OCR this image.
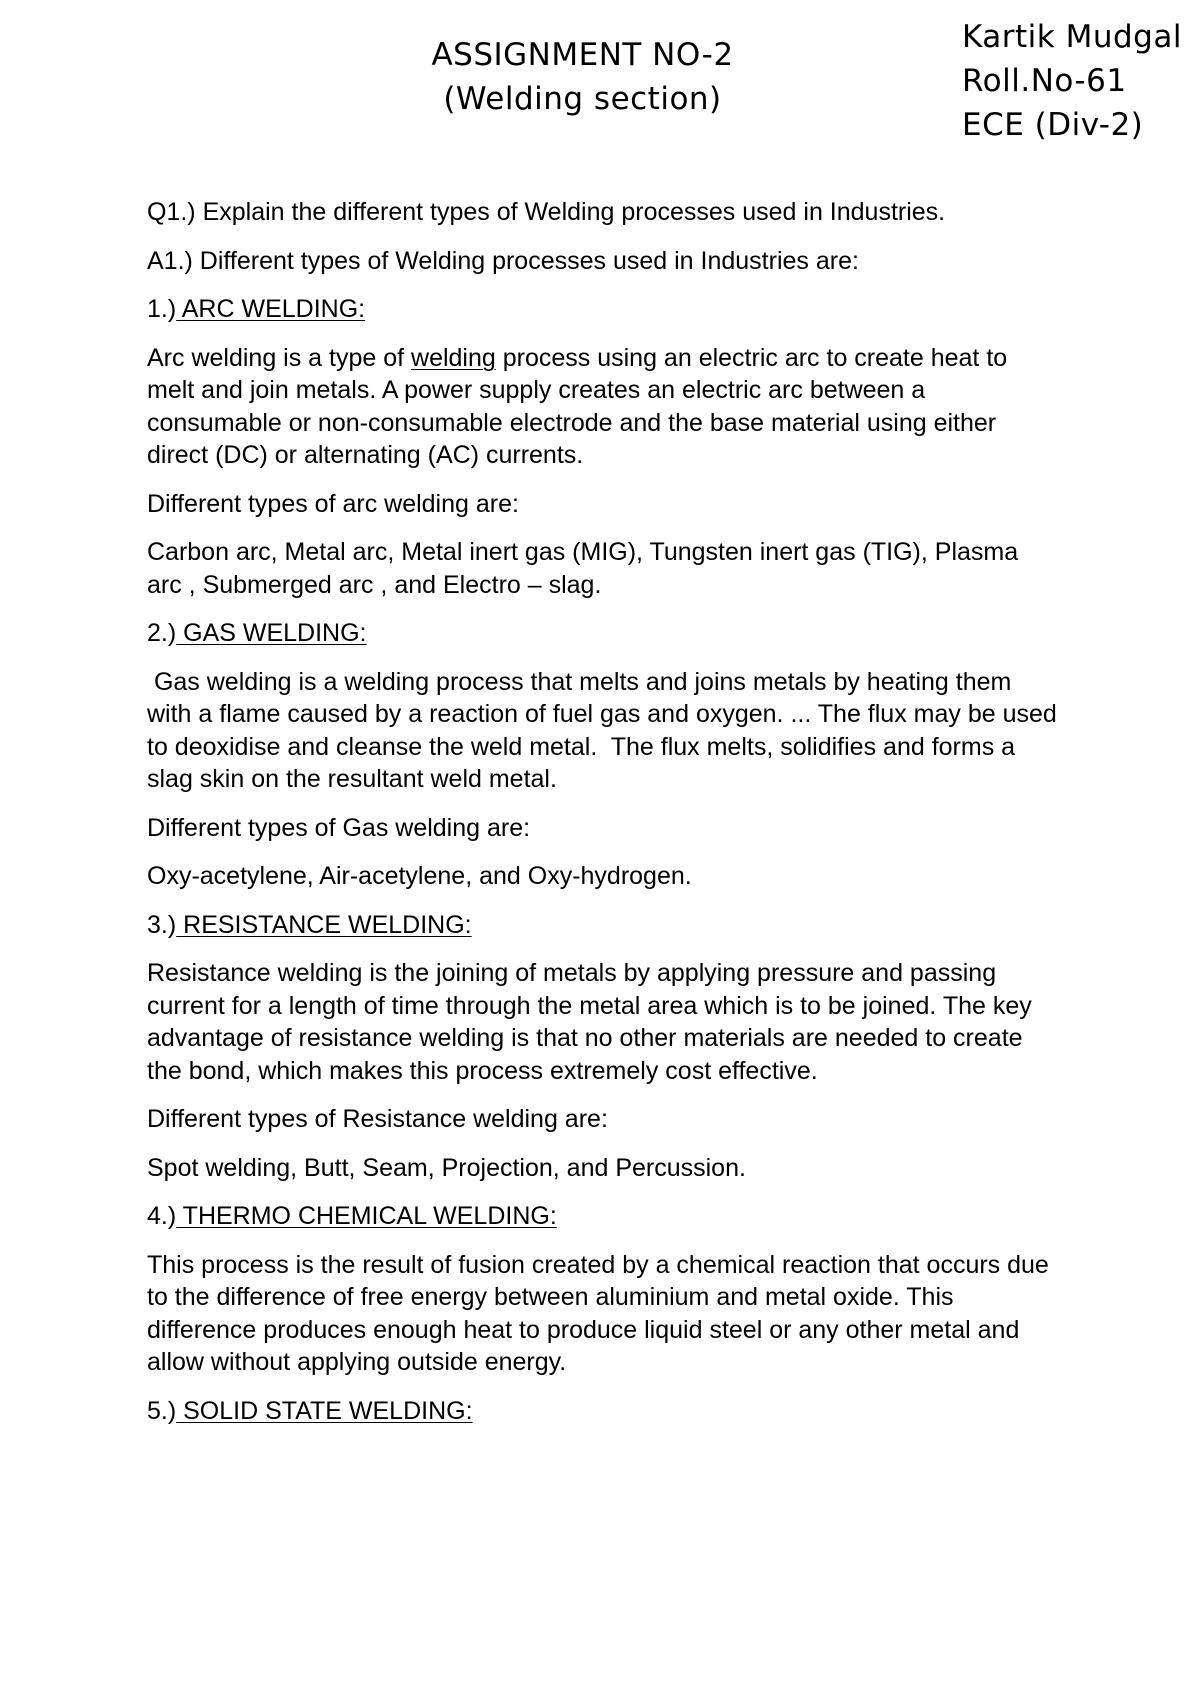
ASSIGNMENT NO-2
(Welding section)
Kartik Mudgal
Roll.No-61
ECE (Div-2)

Q1.) Explain the different types of Welding processes used in Industries.

A1.) Different types of Welding processes used in Industries are:

1.) ARC WELDING:

Arc welding is a type of welding process using an electric arc to create heat to melt and join metals. A power supply creates an electric arc between a consumable or non-consumable electrode and the base material using either direct (DC) or alternating (AC) currents.

Different types of arc welding are:

Carbon arc, Metal arc, Metal inert gas (MIG), Tungsten inert gas (TIG), Plasma arc , Submerged arc , and Electro – slag.

2.) GAS WELDING:

Gas welding is a welding process that melts and joins metals by heating them with a flame caused by a reaction of fuel gas and oxygen. ... The flux may be used to deoxidise and cleanse the weld metal.  The flux melts, solidifies and forms a slag skin on the resultant weld metal.

Different types of Gas welding are:

Oxy-acetylene, Air-acetylene, and Oxy-hydrogen.

3.) RESISTANCE WELDING:

Resistance welding is the joining of metals by applying pressure and passing current for a length of time through the metal area which is to be joined. The key advantage of resistance welding is that no other materials are needed to create the bond, which makes this process extremely cost effective.

Different types of Resistance welding are:

Spot welding, Butt, Seam, Projection, and Percussion.

4.) THERMO CHEMICAL WELDING:

This process is the result of fusion created by a chemical reaction that occurs due to the difference of free energy between aluminium and metal oxide. This difference produces enough heat to produce liquid steel or any other metal and allow without applying outside energy.

5.) SOLID STATE WELDING:
